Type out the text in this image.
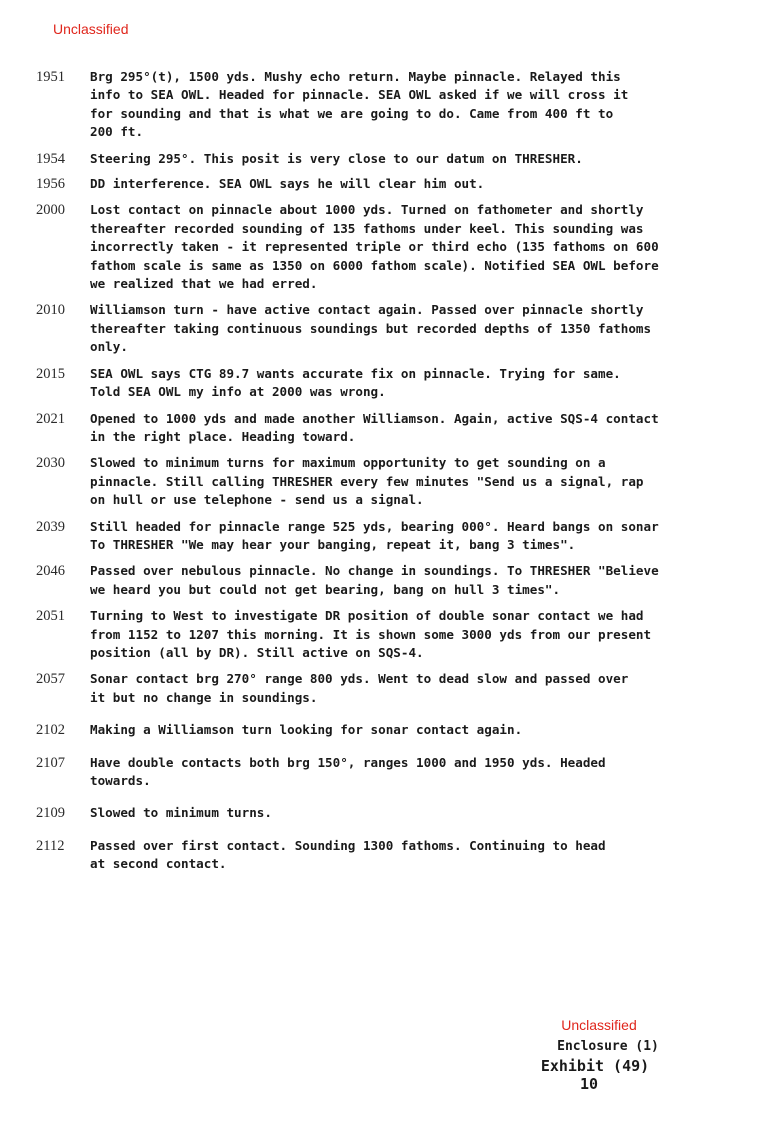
Unclassified
1951	Brg 295°(t), 1500 yds. Mushy echo return. Maybe pinnacle. Relayed this
info to SEA OWL. Headed for pinnacle. SEA OWL asked if we will cross it
for sounding and that is what we are going to do. Came from 400 ft to
200 ft.
1954	Steering 295°. This posit is very close to our datum on THRESHER.
1956	DD interference. SEA OWL says he will clear him out.
2000	Lost contact on pinnacle about 1000 yds. Turned on fathometer and shortly
thereafter recorded sounding of 135 fathoms under keel. This sounding was
incorrectly taken - it represented triple or third echo (135 fathoms on 600
fathom scale is same as 1350 on 6000 fathom scale). Notified SEA OWL before
we realized that we had erred.
2010	Williamson turn - have active contact again. Passed over pinnacle shortly
thereafter taking continuous soundings but recorded depths of 1350 fathoms
only.
2015	SEA OWL says CTG 89.7 wants accurate fix on pinnacle. Trying for same.
Told SEA OWL my info at 2000 was wrong.
2021	Opened to 1000 yds and made another Williamson. Again, active SQS-4 contact
in the right place. Heading toward.
2030	Slowed to minimum turns for maximum opportunity to get sounding on a
pinnacle. Still calling THRESHER every few minutes "Send us a signal, rap
on hull or use telephone - send us a signal.
2039	Still headed for pinnacle range 525 yds, bearing 000°. Heard bangs on sonar
To THRESHER "We may hear your banging, repeat it, bang 3 times".
2046	Passed over nebulous pinnacle. No change in soundings. To THRESHER "Believe
we heard you but could not get bearing, bang on hull 3 times".
2051	Turning to West to investigate DR position of double sonar contact we had
from 1152 to 1207 this morning. It is shown some 3000 yds from our present
position (all by DR). Still active on SQS-4.
2057	Sonar contact brg 270° range 800 yds. Went to dead slow and passed over
it but no change in soundings.
2102	Making a Williamson turn looking for sonar contact again.
2107	Have double contacts both brg 150°, ranges 1000 and 1950 yds. Headed
towards.
2109	Slowed to minimum turns.
2112	Passed over first contact. Sounding 1300 fathoms. Continuing to head
at second contact.
Unclassified
Enclosure (1)
Exhibit (49)
10
